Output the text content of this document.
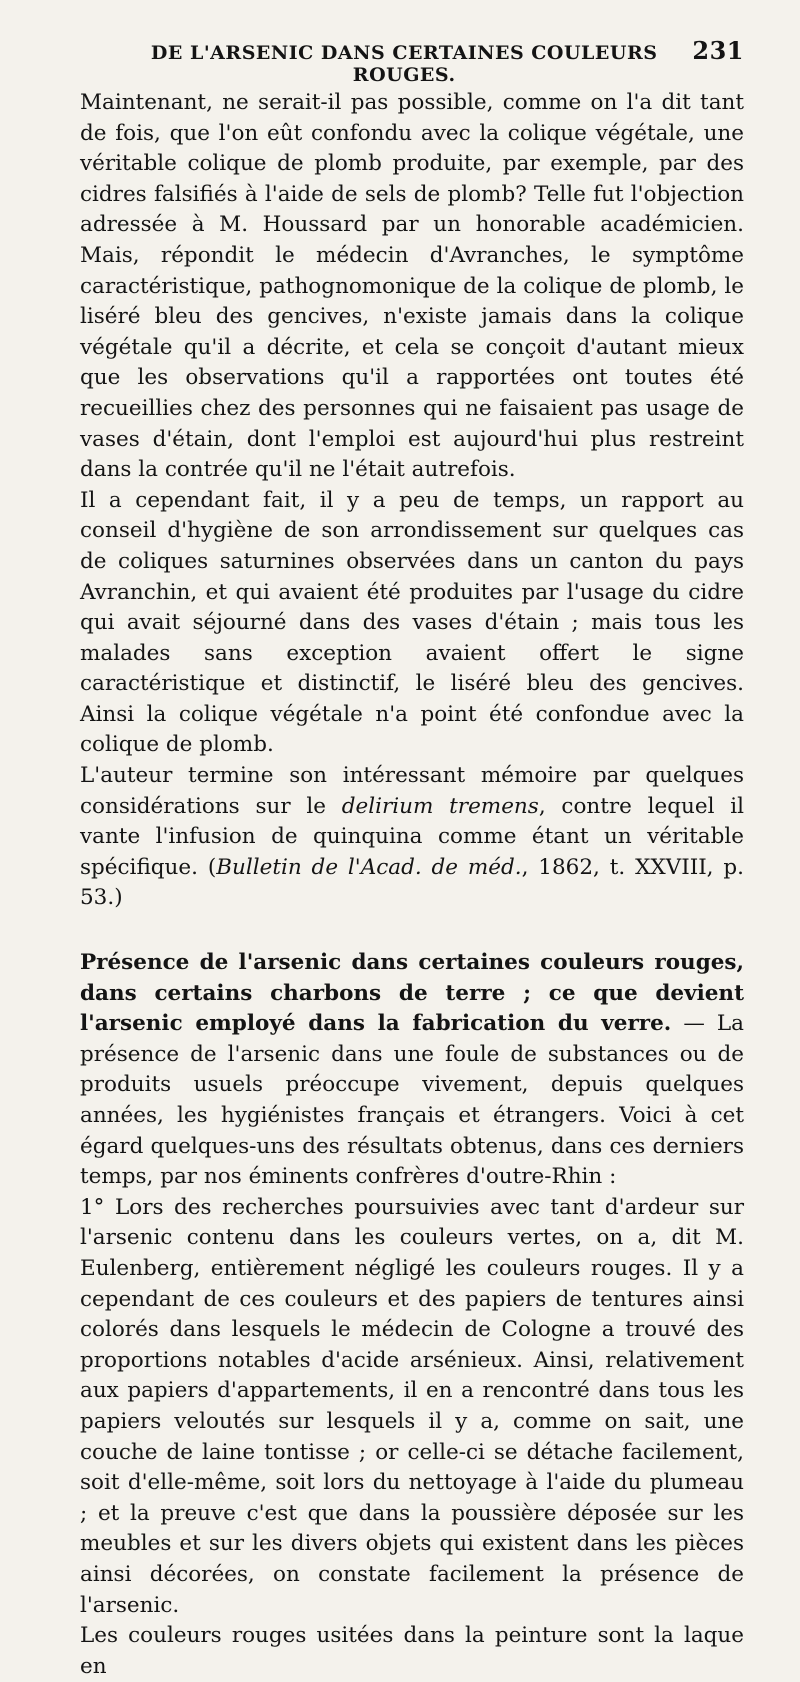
DE L'ARSENIC DANS CERTAINES COULEURS ROUGES.
231

Maintenant, ne serait-il pas possible, comme on l'a dit tant de fois, que l'on eût confondu avec la colique végétale, une véritable colique de plomb produite, par exemple, par des cidres falsifiés à l'aide de sels de plomb? Telle fut l'objection adressée à M. Houssard par un honorable académicien. Mais, répondit le médecin d'Avranches, le symptôme caractéristique, pathognomonique de la colique de plomb, le liséré bleu des gencives, n'existe jamais dans la colique végétale qu'il a décrite, et cela se conçoit d'autant mieux que les observations qu'il a rapportées ont toutes été recueillies chez des personnes qui ne faisaient pas usage de vases d'étain, dont l'emploi est aujourd'hui plus restreint dans la contrée qu'il ne l'était autrefois.

Il a cependant fait, il y a peu de temps, un rapport au conseil d'hygiène de son arrondissement sur quelques cas de coliques saturnines observées dans un canton du pays Avranchin, et qui avaient été produites par l'usage du cidre qui avait séjourné dans des vases d'étain ; mais tous les malades sans exception avaient offert le signe caractéristique et distinctif, le liséré bleu des gencives. Ainsi la colique végétale n'a point été confondue avec la colique de plomb.

L'auteur termine son intéressant mémoire par quelques considérations sur le delirium tremens, contre lequel il vante l'infusion de quinquina comme étant un véritable spécifique. (Bulletin de l'Acad. de méd., 1862, t. XXVIII, p. 53.)

Présence de l'arsenic dans certaines couleurs rouges, dans certains charbons de terre ; ce que devient l'arsenic employé dans la fabrication du verre. — La présence de l'arsenic dans une foule de substances ou de produits usuels préoccupe vivement, depuis quelques années, les hygiénistes français et étrangers. Voici à cet égard quelques-uns des résultats obtenus, dans ces derniers temps, par nos éminents confrères d'outre-Rhin :

1° Lors des recherches poursuivies avec tant d'ardeur sur l'arsenic contenu dans les couleurs vertes, on a, dit M. Eulenberg, entièrement négligé les couleurs rouges. Il y a cependant de ces couleurs et des papiers de tentures ainsi colorés dans lesquels le médecin de Cologne a trouvé des proportions notables d'acide arsénieux. Ainsi, relativement aux papiers d'appartements, il en a rencontré dans tous les papiers veloutés sur lesquels il y a, comme on sait, une couche de laine tontisse ; or celle-ci se détache facilement, soit d'elle-même, soit lors du nettoyage à l'aide du plumeau ; et la preuve c'est que dans la poussière déposée sur les meubles et sur les divers objets qui existent dans les pièces ainsi décorées, on constate facilement la présence de l'arsenic.

Les couleurs rouges usitées dans la peinture sont la laque en
